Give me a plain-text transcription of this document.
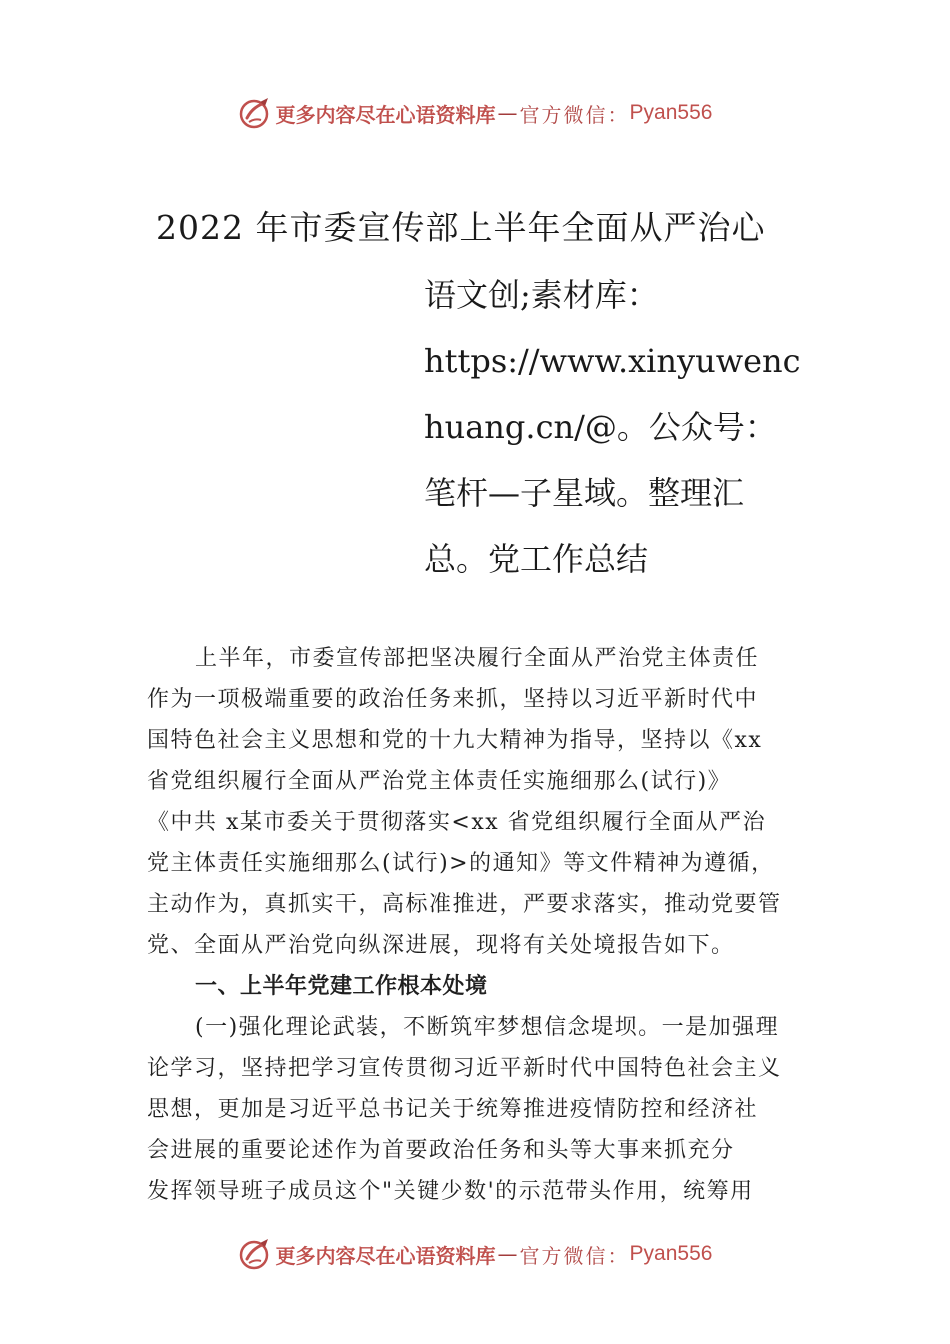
更多内容尽在心语资料库 — 官方微信： Pyan556
2022 年市委宣传部上半年全面从严治心
语文创;素材库：
https://www.xinyuwenc
huang.cn/@。公众号：
笔杆—子星域。整理汇
总。党工作总结
上半年，市委宣传部把坚决履行全面从严治党主体责任
作为一项极端重要的政治任务来抓，坚持以习近平新时代中
国特色社会主义思想和党的十九大精神为指导，坚持以《xx
省党组织履行全面从严治党主体责任实施细那么(试行)》
《中共 x某市委关于贯彻落实<xx 省党组织履行全面从严治
党主体责任实施细那么(试行)>的通知》等文件精神为遵循，
主动作为，真抓实干，高标准推进，严要求落实，推动党要管
党、全面从严治党向纵深进展，现将有关处境报告如下。
一、上半年党建工作根本处境
(一)强化理论武装，不断筑牢梦想信念堤坝。一是加强理
论学习，坚持把学习宣传贯彻习近平新时代中国特色社会主义
思想，更加是习近平总书记关于统筹推进疫情防控和经济社
会进展的重要论述作为首要政治任务和头等大事来抓充分
发挥领导班子成员这个"关键少数'的示范带头作用，统筹用
更多内容尽在心语资料库 — 官方微信： Pyan556
